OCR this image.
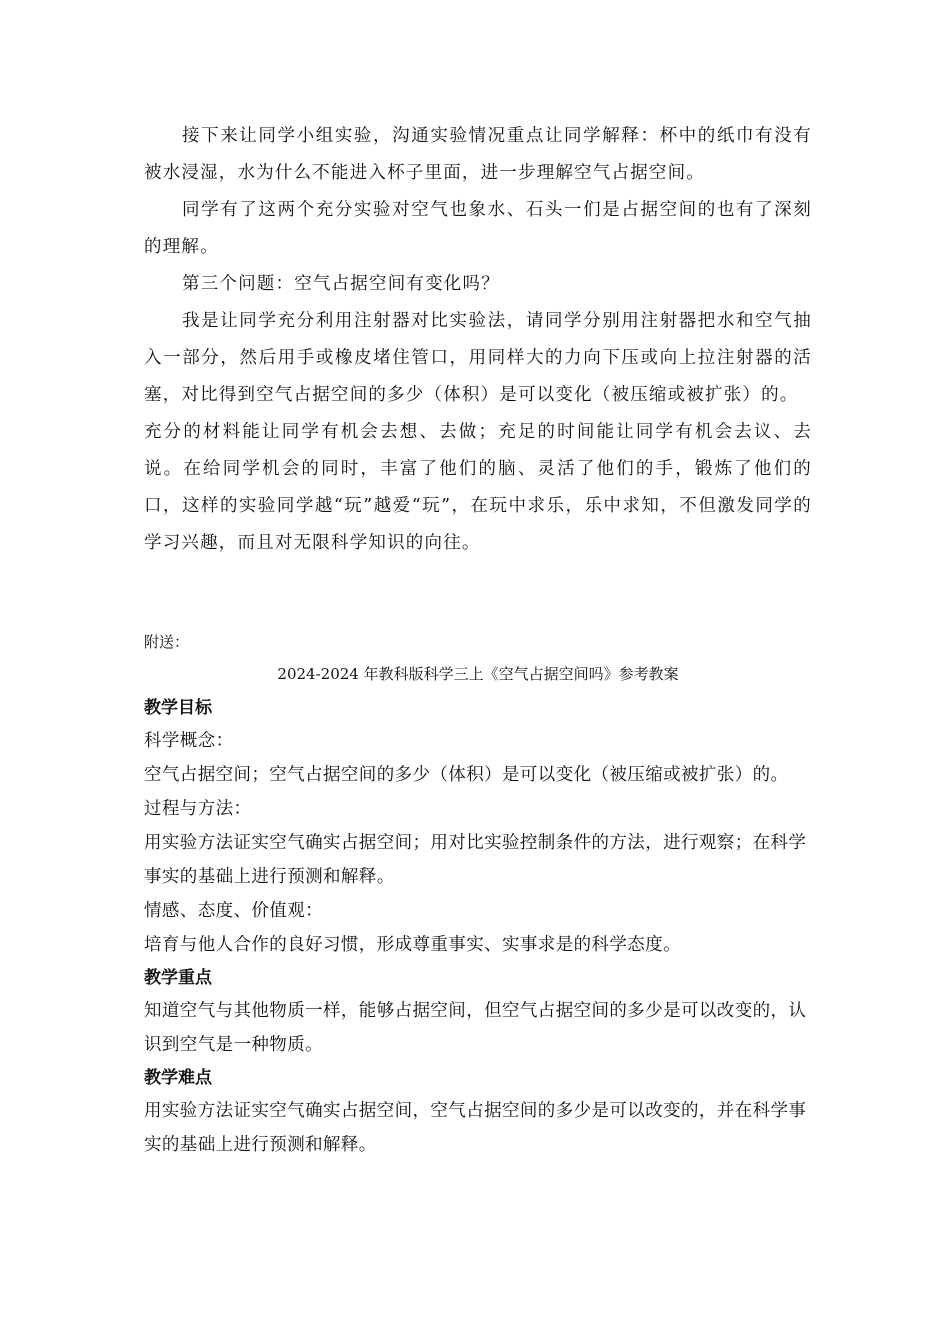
接下来让同学小组实验，沟通实验情况重点让同学解释：杯中的纸巾有没有被水浸湿，水为什么不能进入杯子里面，进一步理解空气占据空间。

同学有了这两个充分实验对空气也象水、石头一们是占据空间的也有了深刻的理解。

第三个问题：空气占据空间有变化吗？

我是让同学充分利用注射器对比实验法，请同学分别用注射器把水和空气抽入一部分，然后用手或橡皮堵住管口，用同样大的力向下压或向上拉注射器的活塞，对比得到空气占据空间的多少（体积）是可以变化（被压缩或被扩张）的。

充分的材料能让同学有机会去想、去做；充足的时间能让同学有机会去议、去说。在给同学机会的同时，丰富了他们的脑、灵活了他们的手，锻炼了他们的口，这样的实验同学越“玩”越爱“玩”，在玩中求乐，乐中求知，不但激发同学的学习兴趣，而且对无限科学知识的向往。

附送：

2024-2024 年教科版科学三上《空气占据空间吗》参考教案

教学目标

科学概念：

空气占据空间；空气占据空间的多少（体积）是可以变化（被压缩或被扩张）的。

过程与方法：

用实验方法证实空气确实占据空间；用对比实验控制条件的方法，进行观察；在科学事实的基础上进行预测和解释。

情感、态度、价值观：

培育与他人合作的良好习惯，形成尊重事实、实事求是的科学态度。

教学重点

知道空气与其他物质一样，能够占据空间，但空气占据空间的多少是可以改变的，认识到空气是一种物质。

教学难点

用实验方法证实空气确实占据空间，空气占据空间的多少是可以改变的，并在科学事实的基础上进行预测和解释。
